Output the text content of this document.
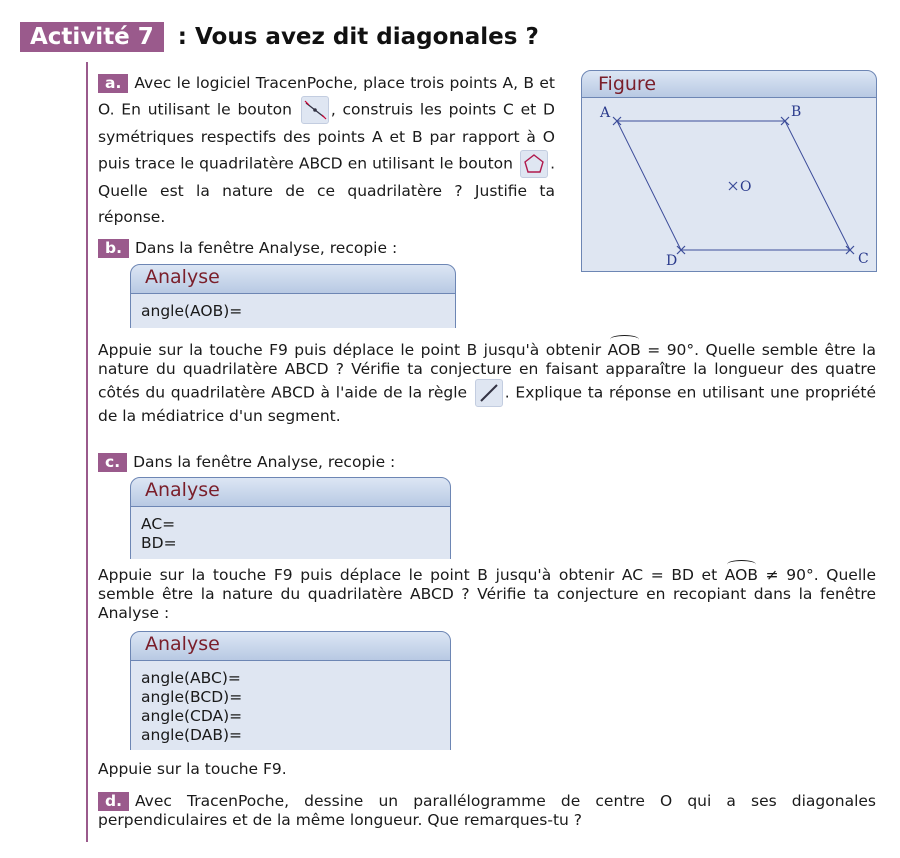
Activité 7	: Vous avez dit diagonales ?
Figure
A	B
C
D
O
a. Avec le logiciel TracenPoche, place trois points A, B et O. En utilisant le bouton	, construis les points C et D symétriques respectifs des points A et B par rapport à O puis trace le quadrilatère ABCD en utilisant le bouton . Quelle est la nature de ce quadrilatère ? Justifie ta réponse.
b. Dans la fenêtre Analyse, recopie :
Analyse
angle(AOB)=
Appuie sur la touche F9 puis déplace le point B jusqu'à obtenir AOB = 90°. Quelle semble être la nature du quadrilatère ABCD ? Vérifie ta conjecture en faisant apparaître la longueur des quatre côtés du quadrilatère ABCD à l'aide de la règle . Explique ta réponse en utilisant une propriété de la médiatrice d'un segment.
c. Dans la fenêtre Analyse, recopie :
Analyse
AC=
BD=
Appuie sur la touche F9 puis déplace le point B jusqu'à obtenir AC = BD et AOB ≠ 90°. Quelle semble être la nature du quadrilatère ABCD ? Vérifie ta conjecture en recopiant dans la fenêtre Analyse :
Analyse
angle(ABC)=
angle(BCD)=
angle(CDA)=
angle(DAB)=
Appuie sur la touche F9.
d. Avec TracenPoche, dessine un parallélogramme de centre O qui a ses diagonales perpendiculaires et de la même longueur. Que remarques-tu ?
